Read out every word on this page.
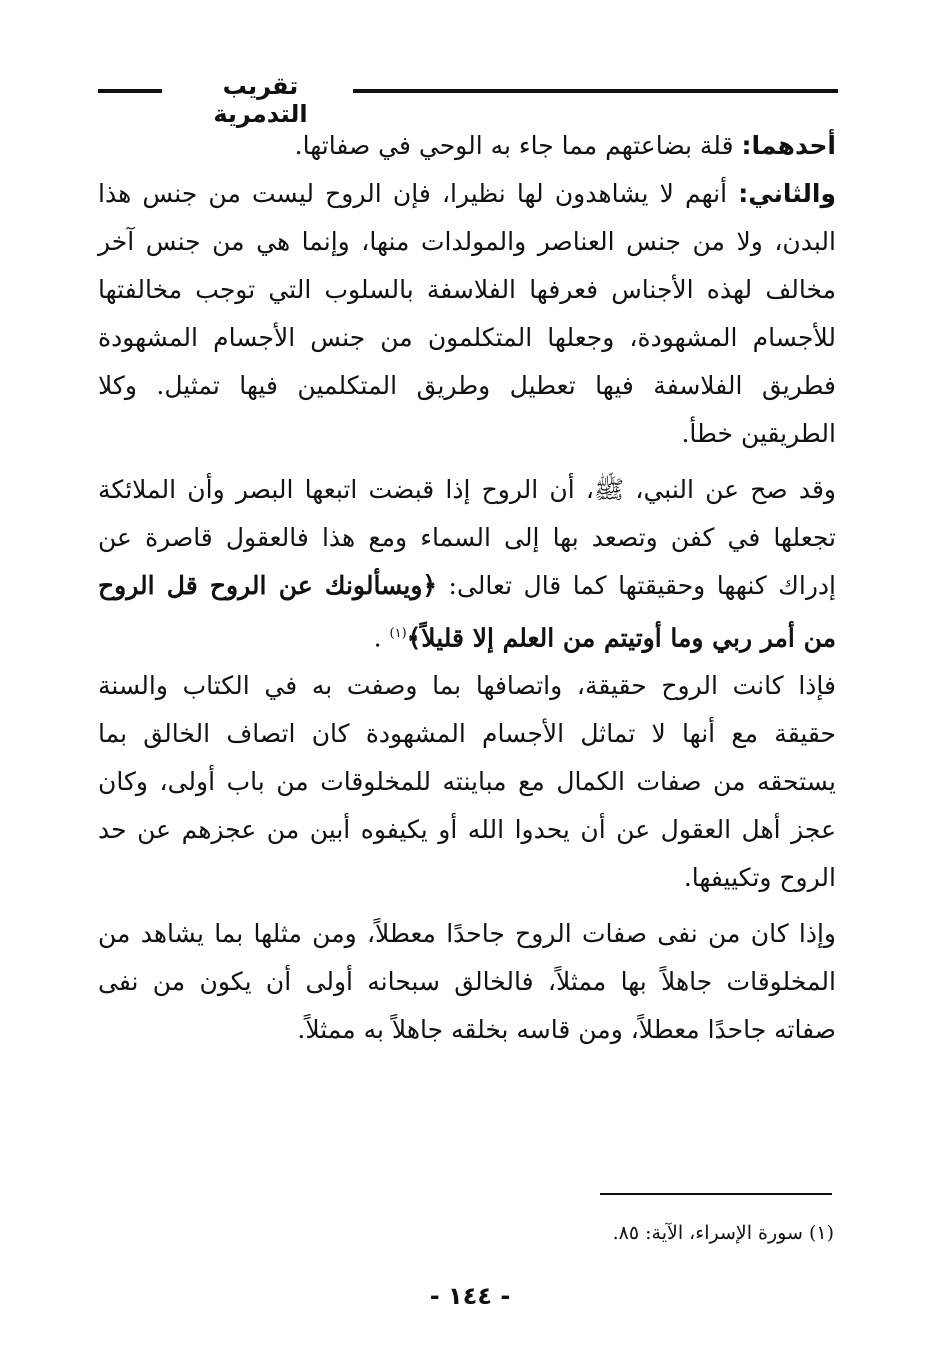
تقريب التدمرية

أحدهما: قلة بضاعتهم مما جاء به الوحي في صفاتها.

والثاني: أنهم لا يشاهدون لها نظيرا، فإن الروح ليست من جنس هذا البدن، ولا من جنس العناصر والمولدات منها، وإنما هي من جنس آخر مخالف لهذه الأجناس فعرفها الفلاسفة بالسلوب التي توجب مخالفتها للأجسام المشهودة، وجعلها المتكلمون من جنس الأجسام المشهودة فطريق الفلاسفة فيها تعطيل وطريق المتكلمين فيها تمثيل. وكلا الطريقين خطأ.

وقد صح عن النبي، ﷺ، أن الروح إذا قبضت اتبعها البصر وأن الملائكة تجعلها في كفن وتصعد بها إلى السماء ومع هذا فالعقول قاصرة عن إدراك كنهها وحقيقتها كما قال تعالى: ﴿ويسألونك عن الروح قل الروح من أمر ربي وما أوتيتم من العلم إلا قليلاً﴾$^{(١)}$ .

فإذا كانت الروح حقيقة، واتصافها بما وصفت به في الكتاب والسنة حقيقة مع أنها لا تماثل الأجسام المشهودة كان اتصاف الخالق بما يستحقه من صفات الكمال مع مباينته للمخلوقات من باب أولى، وكان عجز أهل العقول عن أن يحدوا الله أو يكيفوه أبين من عجزهم عن حد الروح وتكييفها.

وإذا كان من نفى صفات الروح جاحدًا معطلاً، ومن مثلها بما يشاهد من المخلوقات جاهلاً بها ممثلاً، فالخالق سبحانه أولى أن يكون من نفى صفاته جاحدًا معطلاً، ومن قاسه بخلقه جاهلاً به ممثلاً.

(١) سورة الإسراء، الآية: ٨٥.
- ١٤٤ -
